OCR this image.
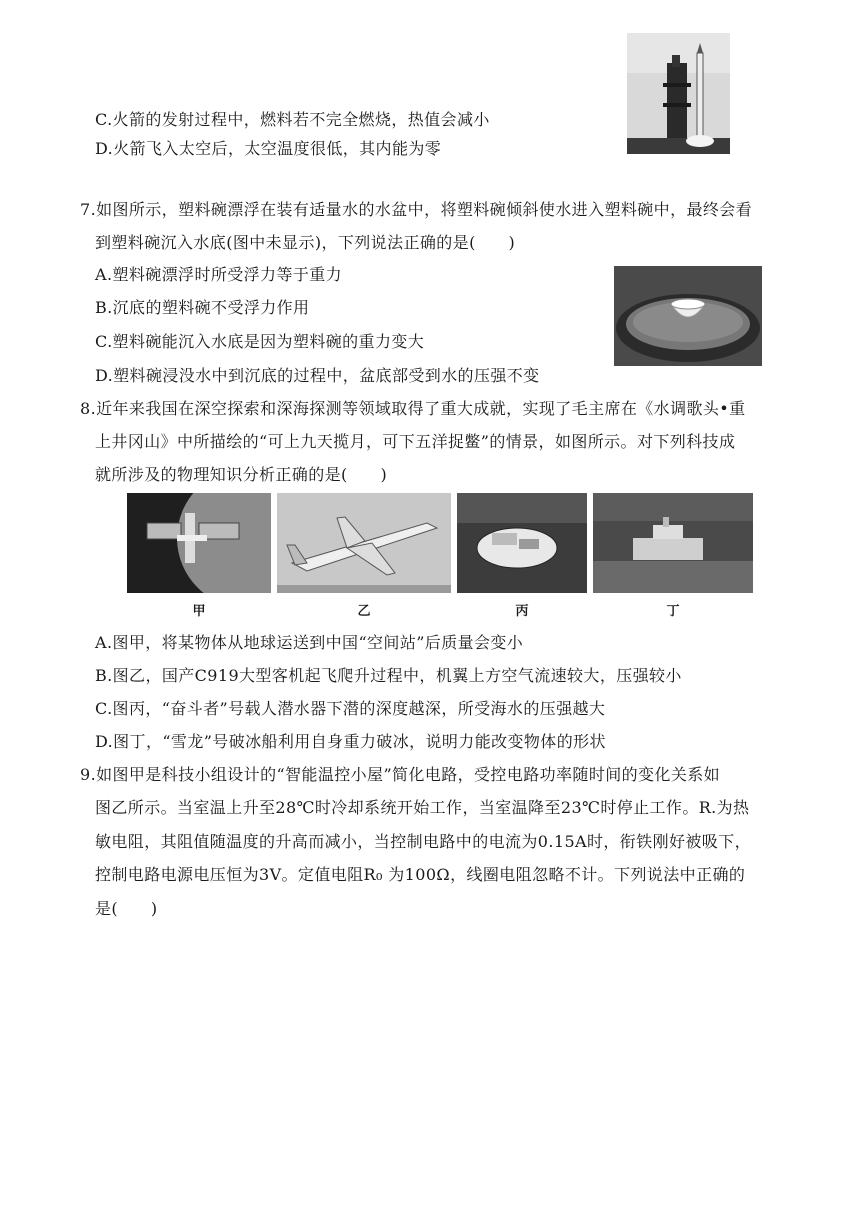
C.火箭的发射过程中，燃料若不完全燃烧，热值会减小
D.火箭飞入太空后，太空温度很低，其内能为零
7.如图所示，塑料碗漂浮在装有适量水的水盆中，将塑料碗倾斜使水进入塑料碗中，最终会看
到塑料碗沉入水底(图中未显示)，下列说法正确的是(　　)
A.塑料碗漂浮时所受浮力等于重力
B.沉底的塑料碗不受浮力作用
C.塑料碗能沉入水底是因为塑料碗的重力变大
D.塑料碗浸没水中到沉底的过程中，盆底部受到水的压强不变
8.近年来我国在深空探索和深海探测等领域取得了重大成就，实现了毛主席在《水调歌头•重
上井冈山》中所描绘的“可上九天揽月，可下五洋捉鳖”的情景，如图所示。对下列科技成
就所涉及的物理知识分析正确的是(　　)
甲	乙	丙	丁
A.图甲，将某物体从地球运送到中国“空间站”后质量会变小
B.图乙，国产C919大型客机起飞爬升过程中，机翼上方空气流速较大，压强较小
C.图丙，“奋斗者”号载人潜水器下潜的深度越深，所受海水的压强越大
D.图丁，“雪龙”号破冰船利用自身重力破冰，说明力能改变物体的形状
9.如图甲是科技小组设计的“智能温控小屋”简化电路，受控电路功率随时间的变化关系如
图乙所示。当室温上升至28℃时冷却系统开始工作，当室温降至23℃时停止工作。R.为热
敏电阻，其阻值随温度的升高而减小，当控制电路中的电流为0.15A时，衔铁刚好被吸下，
控制电路电源电压恒为3V。定值电阻R₀ 为100Ω，线圈电阻忽略不计。下列说法中正确的
是(　　)
